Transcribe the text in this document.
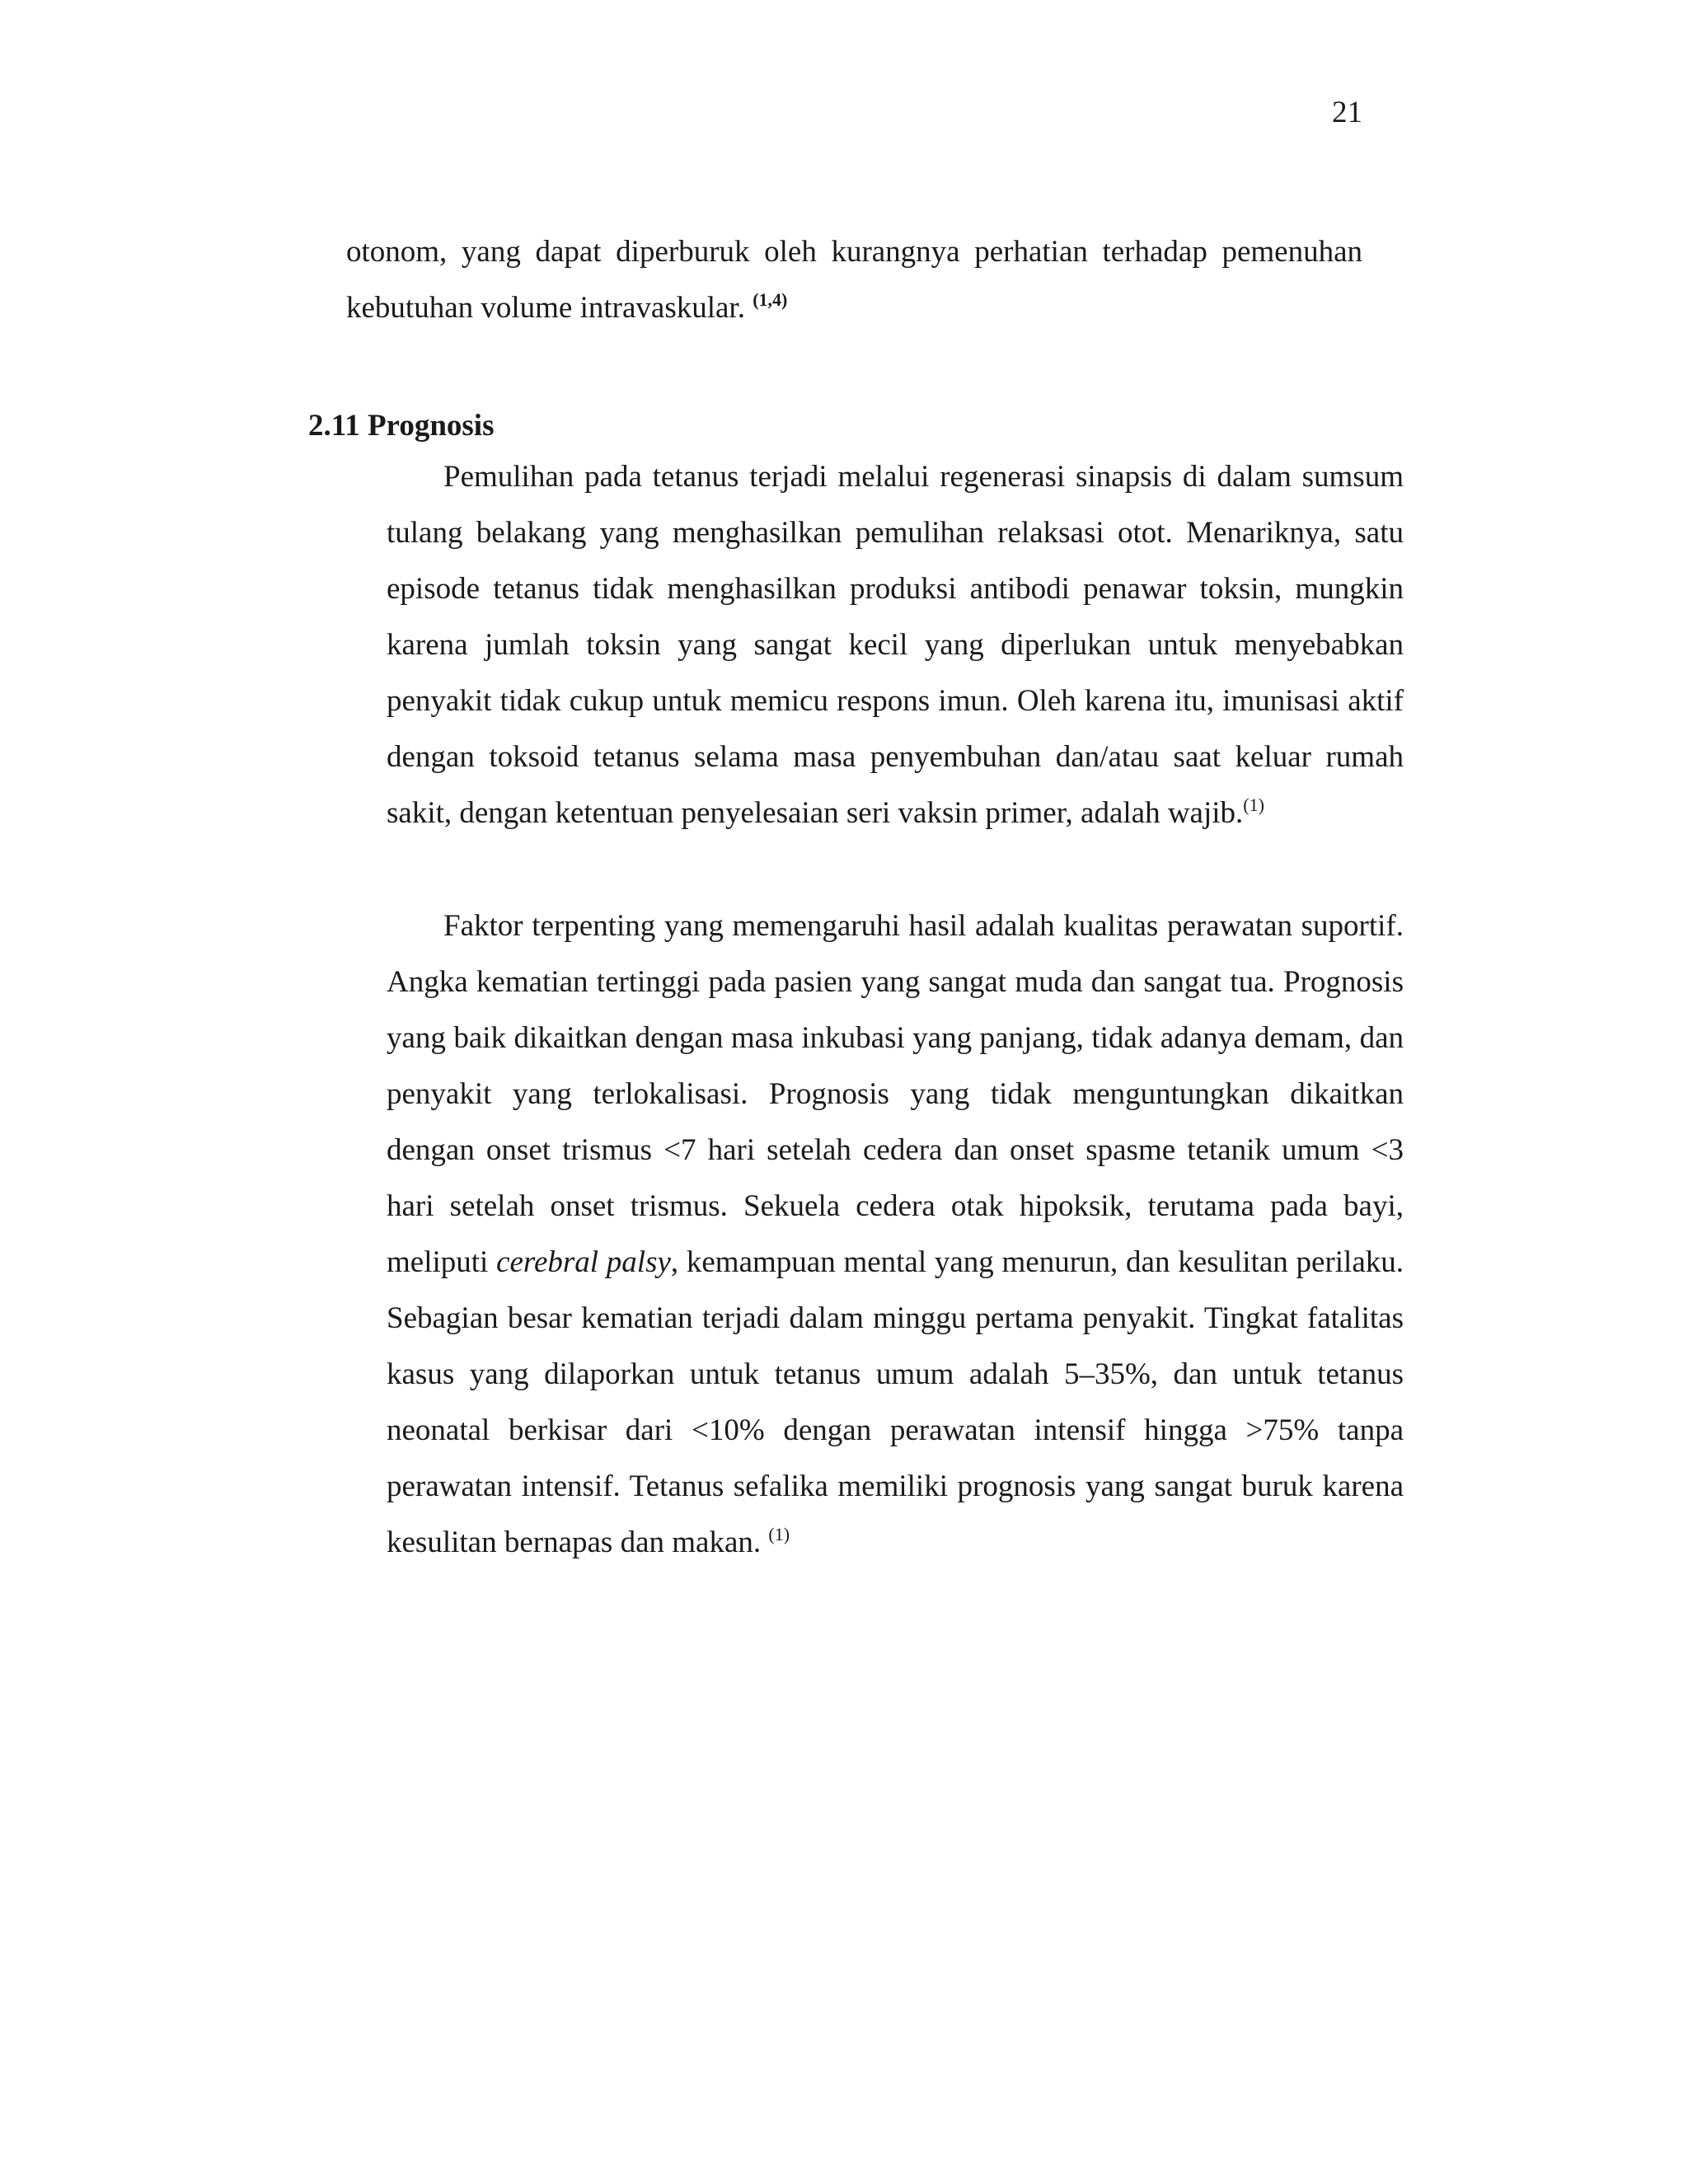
21

otonom, yang dapat diperburuk oleh kurangnya perhatian terhadap pemenuhan kebutuhan volume intravaskular. $^{(1,4)}$

2.11 Prognosis

Pemulihan pada tetanus terjadi melalui regenerasi sinapsis di dalam sumsum tulang belakang yang menghasilkan pemulihan relaksasi otot. Menariknya, satu episode tetanus tidak menghasilkan produksi antibodi penawar toksin, mungkin karena jumlah toksin yang sangat kecil yang diperlukan untuk menyebabkan penyakit tidak cukup untuk memicu respons imun. Oleh karena itu, imunisasi aktif dengan toksoid tetanus selama masa penyembuhan dan/atau saat keluar rumah sakit, dengan ketentuan penyelesaian seri vaksin primer, adalah wajib.$^{(1)}$

Faktor terpenting yang memengaruhi hasil adalah kualitas perawatan suportif. Angka kematian tertinggi pada pasien yang sangat muda dan sangat tua. Prognosis yang baik dikaitkan dengan masa inkubasi yang panjang, tidak adanya demam, dan penyakit yang terlokalisasi. Prognosis yang tidak menguntungkan dikaitkan dengan onset trismus <7 hari setelah cedera dan onset spasme tetanik umum <3 hari setelah onset trismus. Sekuela cedera otak hipoksik, terutama pada bayi, meliputi cerebral palsy, kemampuan mental yang menurun, dan kesulitan perilaku. Sebagian besar kematian terjadi dalam minggu pertama penyakit. Tingkat fatalitas kasus yang dilaporkan untuk tetanus umum adalah 5–35%, dan untuk tetanus neonatal berkisar dari <10% dengan perawatan intensif hingga >75% tanpa perawatan intensif. Tetanus sefalika memiliki prognosis yang sangat buruk karena kesulitan bernapas dan makan. $^{(1)}$
